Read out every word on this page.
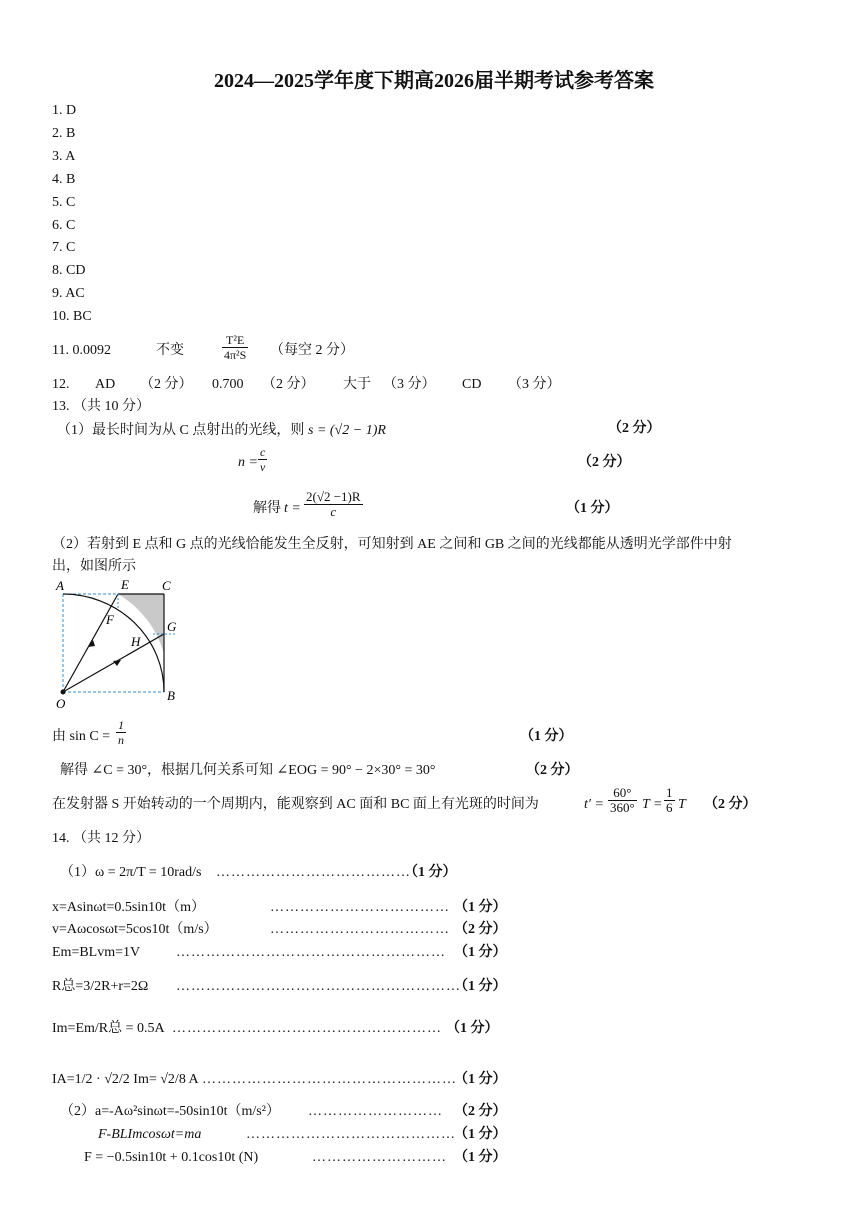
2024—2025学年度下期高2026届半期考试参考答案
1. D
2. B
3. A
4. B
5. C
6. C
7. C
8. CD
9. AC
10. BC
11. 0.0092	不变	$\frac{\text{T²E}}{\text{4π²S}}$ （每空 2 分）
12. AD （2 分） 0.700 （2 分） 大于 （3 分） CD （3 分）
13. （共 10 分）
（1）最长时间为从 C 点射出的光线，则 s = (√2 − 1)R	（2 分）
$n = \frac{c}{v}$	（2 分）
解得 $t = \frac{2(√2 -1)R}{c}$	（1 分）
（2）若射到 E 点和 G 点的光线恰能发生全反射，可知射到 AE 之间和 GB 之间的光线都能从透明光学部件中射
出，如图所示
A	E	C
F	G
H
O
B
由 $\sin C = \frac{1}{n}$	（1 分）
解得 ∠C = 30°，根据几何关系可知 ∠EOG = 90° − 2×30° = 30°	（2 分）
在发射器 S 开始转动的一个周期内，能观察到 AC 面和 BC 面上有光斑的时间为	$t' = \frac{60^\circ}{360^\circ}$ $T = \frac{1}{6}$ T （2 分）
14. （共 12 分）
（1）ω = 2π/T = 10rad/s …………………………………
（1 分）
x=Asinωt=0.5sin10t（m）	……………………………… （1 分）
v=Aωcosωt=5cos10t（m/s）	……………………………… （2 分）
Em=BLvm=1V	……………………………………………… （1 分）
R总=3/2R+r=2Ω …………………………………………………
（1 分）
Im=Em/R总 = 0.5A ……………………………………………… （1 分）
IA=1/2 · √2/2 Im= √2/8 A ……………………………………………
（1 分）
（2）a=-Aω²sinωt=-50sin10t（m/s²） ……………………… （2 分）
F-BLImcosωt=ma	……………………………………
（1 分）
F = −0.5sin10t + 0.1cos10t (N)	……………………… （1 分）
